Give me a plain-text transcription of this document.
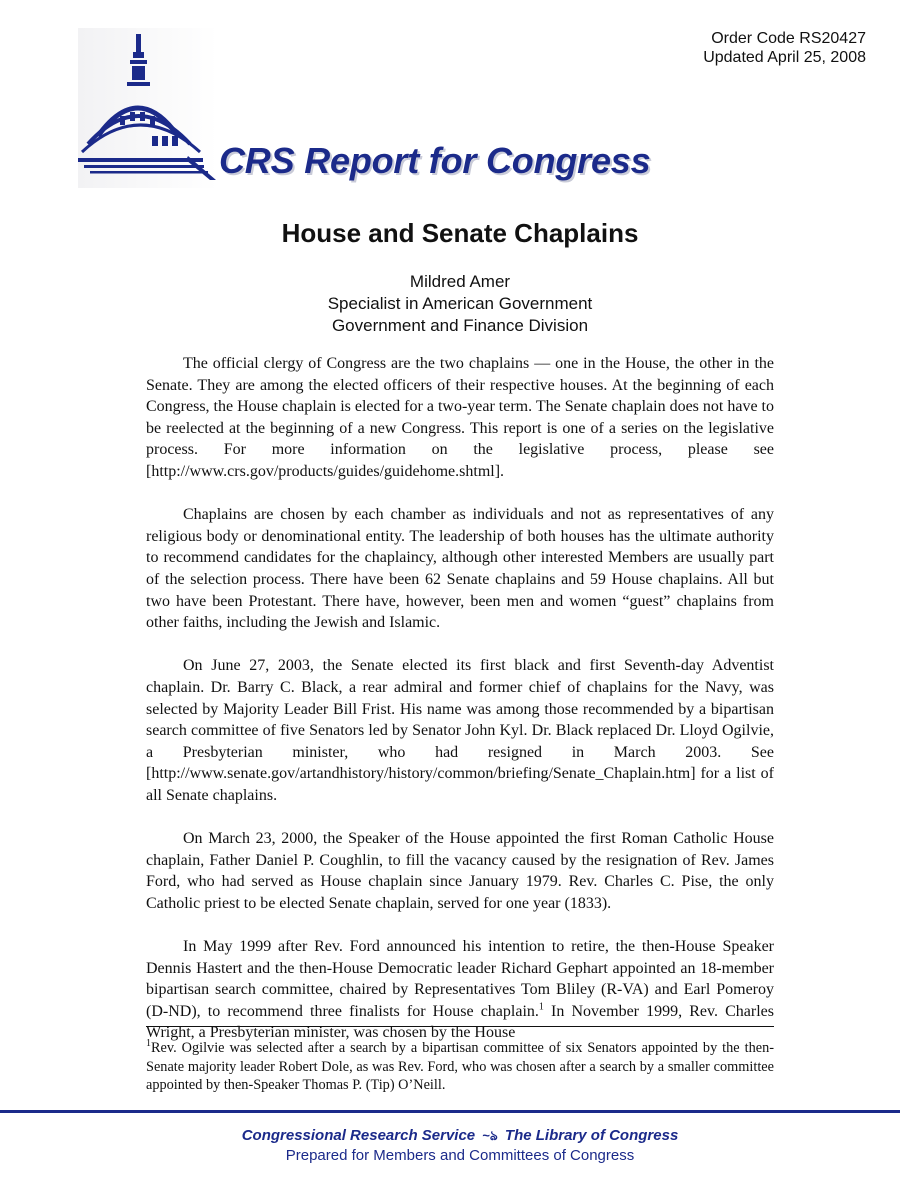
Order Code RS20427
Updated April 25, 2008
CRS Report for Congress
House and Senate Chaplains
Mildred Amer
Specialist in American Government
Government and Finance Division

The official clergy of Congress are the two chaplains — one in the House, the other in the Senate. They are among the elected officers of their respective houses. At the beginning of each Congress, the House chaplain is elected for a two-year term. The Senate chaplain does not have to be reelected at the beginning of a new Congress. This report is one of a series on the legislative process. For more information on the legislative process, please see [http://www.crs.gov/products/guides/guidehome.shtml].

Chaplains are chosen by each chamber as individuals and not as representatives of any religious body or denominational entity. The leadership of both houses has the ultimate authority to recommend candidates for the chaplaincy, although other interested Members are usually part of the selection process. There have been 62 Senate chaplains and 59 House chaplains. All but two have been Protestant. There have, however, been men and women “guest” chaplains from other faiths, including the Jewish and Islamic.

On June 27, 2003, the Senate elected its first black and first Seventh-day Adventist chaplain. Dr. Barry C. Black, a rear admiral and former chief of chaplains for the Navy, was selected by Majority Leader Bill Frist. His name was among those recommended by a bipartisan search committee of five Senators led by Senator John Kyl. Dr. Black replaced Dr. Lloyd Ogilvie, a Presbyterian minister, who had resigned in March 2003. See [http://www.senate.gov/artandhistory/history/common/briefing/Senate_Chaplain.htm] for a list of all Senate chaplains.

On March 23, 2000, the Speaker of the House appointed the first Roman Catholic House chaplain, Father Daniel P. Coughlin, to fill the vacancy caused by the resignation of Rev. James Ford, who had served as House chaplain since January 1979. Rev. Charles C. Pise, the only Catholic priest to be elected Senate chaplain, served for one year (1833).

In May 1999 after Rev. Ford announced his intention to retire, the then-House Speaker Dennis Hastert and the then-House Democratic leader Richard Gephart appointed an 18-member bipartisan search committee, chaired by Representatives Tom Bliley (R-VA) and Earl Pomeroy (D-ND), to recommend three finalists for House chaplain.$^1$ In November 1999, Rev. Charles Wright, a Presbyterian minister, was chosen by the House

$^1$Rev. Ogilvie was selected after a search by a bipartisan committee of six Senators appointed by the then-Senate majority leader Robert Dole, as was Rev. Ford, who was chosen after a search by a smaller committee appointed by then-Speaker Thomas P. (Tip) O’Neill.

Congressional Research Service ~ঌ The Library of Congress
Prepared for Members and Committees of Congress
